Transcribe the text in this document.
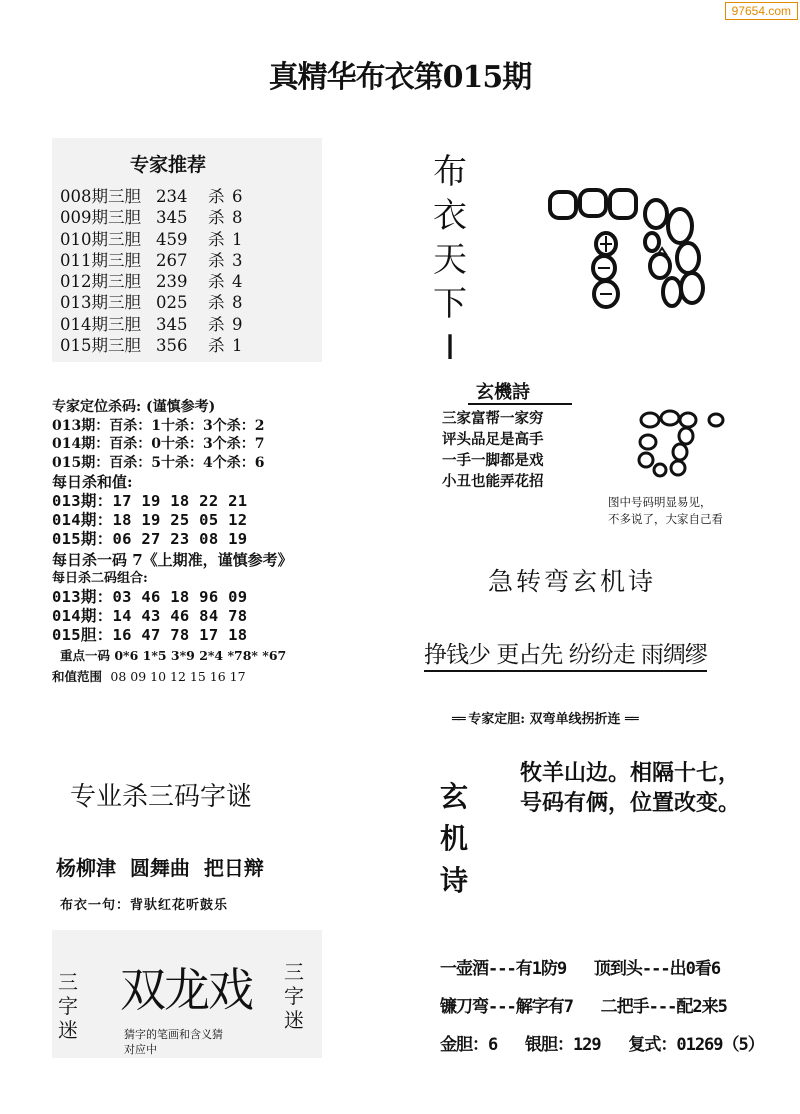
97654.com
真精华布衣第015期
专家推荐
008期三胆 234 杀 6
009期三胆 345 杀 8
010期三胆 459 杀 1
011期三胆 267 杀 3
012期三胆 239 杀 4
013期三胆 025 杀 8
014期三胆 345 杀 9
015期三胆 356 杀 1
专家定位杀码: (谨慎参考)
013期：百杀：1十杀：3个杀：2
014期：百杀：0十杀：3个杀：7
015期：百杀：5十杀：4个杀：6
每日杀和值:
013期：17 19 18 22 21
014期：18 19 25 05 12
015期：06 27 23 08 19
每日杀一码 7《上期准，谨慎参考》
每日杀二码组合:
013期：03 46 18 96 09
014期：14 43 46 84 78
015胆：16 47 78 17 18
重点一码 0*6 1*5 3*9 2*4 *78* *67
和值范围 08 09 10 12 15 16 17
布
衣
天
下
I
玄機詩
三家富帮一家穷
评头品足是高手
一手一脚都是戏
小丑也能弄花招
图中号码明显易见，
不多说了，大家自己看
急转弯玄机诗
挣钱少 更占先 纷纷走 雨绸缪
══ 专家定胆: 双弯单线拐折连 ══
玄
机
诗
牧羊山边。相隔十七，
号码有俩，位置改变。
专业杀三码字谜
杨柳津  圆舞曲  把日辩
布衣一句：背驮红花听鼓乐
三
字
迷
双龙戏 三
字
迷
猜字的笔画和含义猜
对应中
一壶酒---有1防9   顶到头---出0看6
镰刀弯---解字有7   二把手---配2来5
金胆：6   银胆：129   复式：01269（5）
